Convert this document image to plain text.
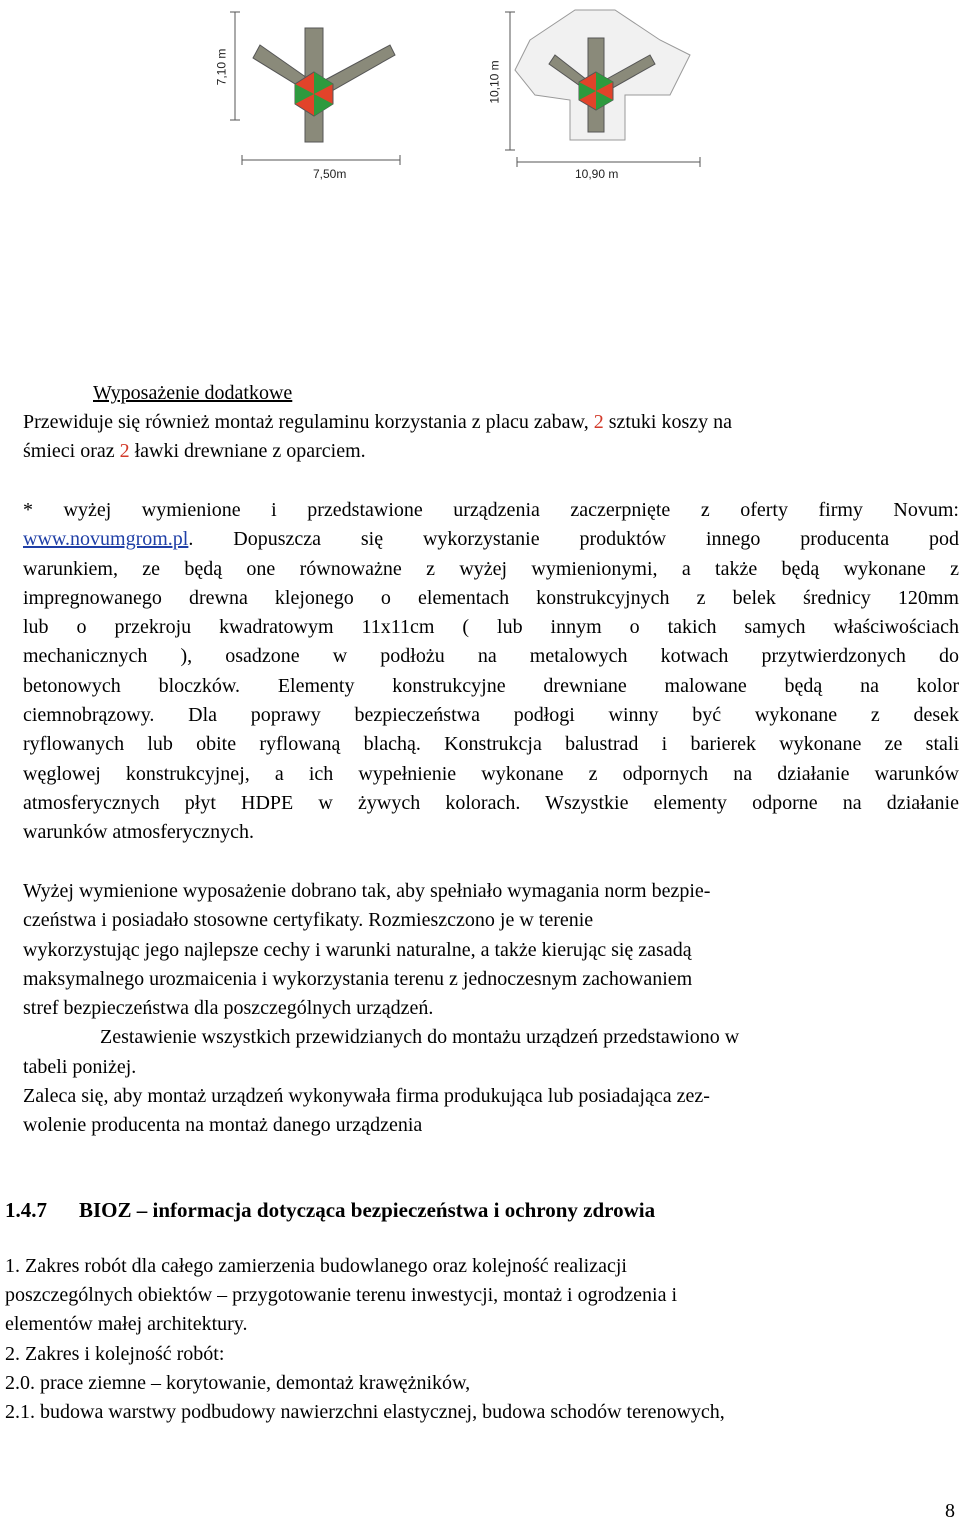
7,10 m
7,50m
10,10 m
10,90 m
Wyposażenie dodatkowe
Przewiduje się również montaż regulaminu korzystania z placu zabaw, 2 sztuki koszy na
śmieci oraz 2 ławki drewniane z oparciem.

* wyżej wymienione i przedstawione urządzenia zaczerpnięte z oferty firmy Novum:

www.novumgrom.pl. Dopuszcza się wykorzystanie produktów innego producenta pod

warunkiem, ze będą one równoważne z wyżej wymienionymi, a także będą wykonane z

impregnowanego drewna klejonego o elementach konstrukcyjnych z belek średnicy 120mm

lub o przekroju kwadratowym 11x11cm ( lub innym o takich samych właściwościach

mechanicznych ), osadzone w podłożu na metalowych kotwach przytwierdzonych do

betonowych bloczków. Elementy konstrukcyjne drewniane malowane będą na kolor

ciemnobrązowy. Dla poprawy bezpieczeństwa podłogi winny być wykonane z desek

ryflowanych lub obite ryflowaną blachą. Konstrukcja balustrad i barierek wykonane ze stali

węglowej konstrukcyjnej, a ich wypełnienie wykonane z odpornych na działanie warunków

atmosferycznych płyt HDPE w żywych kolorach. Wszystkie elementy odporne na działanie

warunków atmosferycznych.

Wyżej wymienione wyposażenie dobrano tak, aby spełniało wymagania norm bezpie-

czeństwa i posiadało stosowne certyfikaty. Rozmieszczono je w terenie

wykorzystując jego najlepsze cechy i warunki naturalne, a także kierując się zasadą

maksymalnego urozmaicenia i wykorzystania terenu z jednoczesnym zachowaniem

stref bezpieczeństwa dla poszczególnych urządzeń.

Zestawienie wszystkich przewidzianych do montażu urządzeń przedstawiono w

tabeli poniżej.

Zaleca się, aby montaż urządzeń wykonywała firma produkująca lub posiadająca zez-

wolenie producenta na montaż danego urządzenia

1.4.7 BIOZ – informacja dotycząca bezpieczeństwa i ochrony zdrowia
1. Zakres robót dla całego zamierzenia budowlanego oraz kolejność realizacji
poszczególnych obiektów – przygotowanie terenu inwestycji, montaż i ogrodzenia i
elementów małej architektury.
2. Zakres i kolejność robót:
2.0. prace ziemne – korytowanie, demontaż krawężników,
2.1. budowa warstwy podbudowy nawierzchni elastycznej, budowa schodów terenowych,
8
